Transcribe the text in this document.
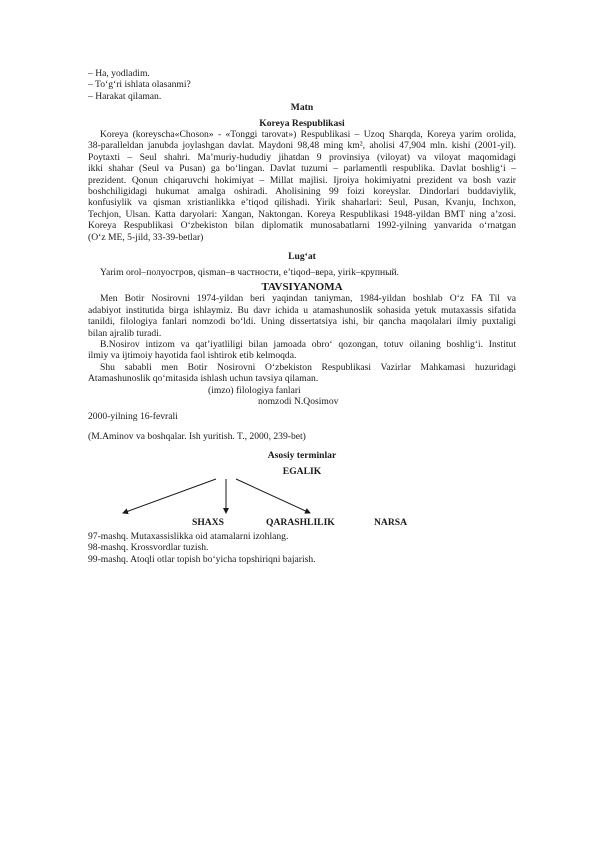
– Ha, yodladim.
– To‘g‘ri ishlata olasanmi?
– Harakat qilaman.
Matn
Koreya Respublikasi
Koreya (koreyscha«Choson» - «Tonggi tarovat») Respublikasi – Uzoq Sharqda, Koreya yarim orolida,
38-paralleldan janubda joylashgan davlat. Maydoni 98,48 ming km², aholisi 47,904 mln. kishi (2001-yil).
Poytaxti – Seul shahri. Ma’muriy-hududiy jihatdan 9 provinsiya (viloyat) va viloyat maqomidagi
ikki shahar (Seul va Pusan) ga bo‘lingan. Davlat tuzumi – parlamentli respublika. Davlat boshlig‘i –
prezident. Qonun chiqaruvchi hokimiyat – Millat majlisi. Ijroiya hokimiyatni prezident va bosh vazir
boshchiligidagi hukumat amalga oshiradi. Aholisining 99 foizi koreyslar. Dindorlari buddaviylik,
konfusiylik va qisman xristianlikka e’tiqod qilishadi. Yirik shaharlari: Seul, Pusan, Kvanju, Inchxon,
Techjon, Ulsan. Katta daryolari: Xangan, Naktongan. Koreya Respublikasi 1948-yildan BMT ning a’zosi.
Koreya Respublikasi O‘zbekiston bilan diplomatik munosabatlarni 1992-yilning yanvarida o‘rnatgan
(O‘z ME, 5-jild, 33-39-betlar)
Lug‘at
Yarim orol–полуостров, qisman–в частности, e’tiqod–вера, yirik–крупный.
TAVSIYANOMA
Men Botir Nosirovni 1974-yildan beri yaqindan taniyman, 1984-yildan boshlab O‘z FA Til va
adabiyot institutida birga ishlaymiz. Bu davr ichida u atamashunoslik sohasida yetuk mutaxassis sifatida
tanildi, filologiya fanlari nomzodi bo‘ldi. Uning dissertatsiya ishi, bir qancha maqolalari ilmiy puxtaligi
bilan ajralib turadi.
B.Nosirov intizom va qat’iyatliligi bilan jamoada obro‘ qozongan, totuv oilaning boshlig‘i. Institut
ilmiy va ijtimoiy hayotida faol ishtirok etib kelmoqda.
Shu sababli men Botir Nosirovni O‘zbekiston Respublikasi Vazirlar Mahkamasi huzuridagi
Atamashunoslik qo‘mitasida ishlash uchun tavsiya qilaman.
(imzo) filologiya fanlari
nomzodi N.Qosimov
2000-yilning 16-fevrali
(M.Aminov va boshqalar. Ish yuritish. T., 2000, 239-bet)
Asosiy terminlar
EGALIK
SHAXS	QARASHLILIK	NARSA
97-mashq. Mutaxassislikka oid atamalarni izohlang.
98-mashq. Krossvordlar tuzish.
99-mashq. Atoqli otlar topish bo‘yicha topshiriqni bajarish.
